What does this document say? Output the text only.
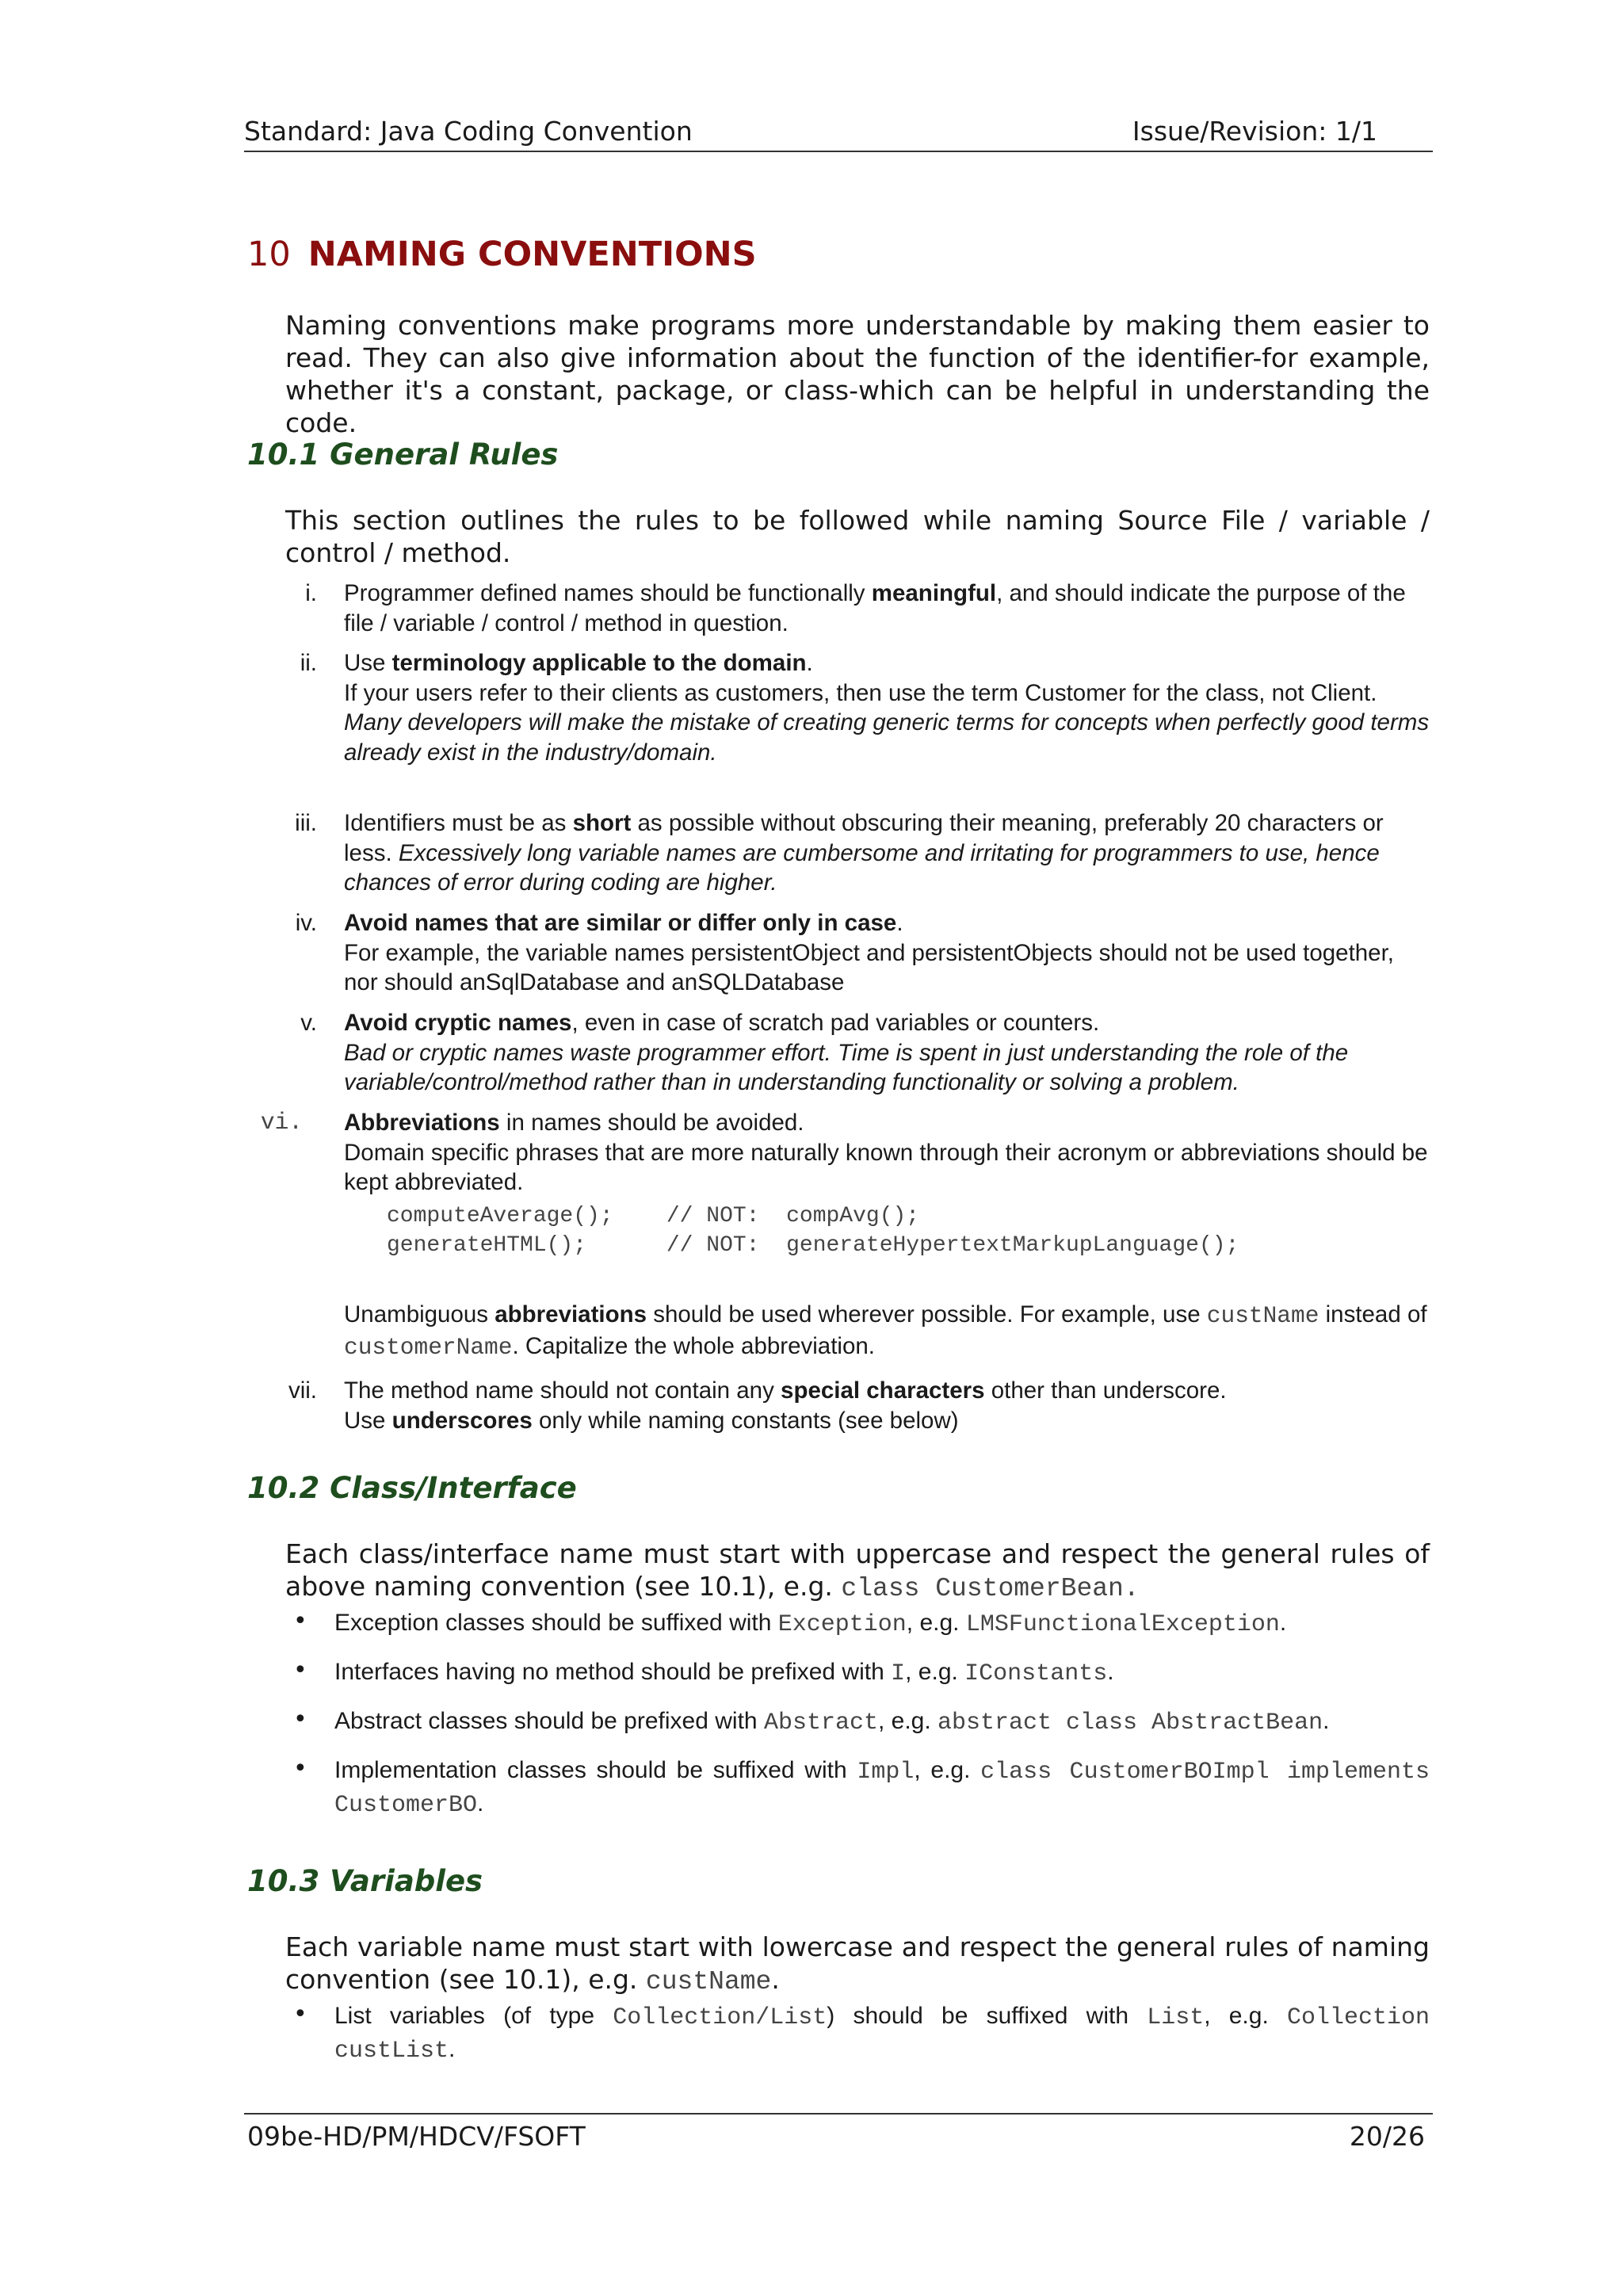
Standard: Java Coding Convention	Issue/Revision: 1/1
10 NAMING CONVENTIONS
Naming conventions make programs more understandable by making them easier to read. They can also give information about the function of the identifier-for example, whether it's a constant, package, or class-which can be helpful in understanding the code.
10.1 General Rules
This section outlines the rules to be followed while naming Source File / variable / control / method.
i. Programmer defined names should be functionally meaningful, and should indicate the purpose of the file / variable / control / method in question.
ii. Use terminology applicable to the domain.
If your users refer to their clients as customers, then use the term Customer for the class, not Client.
Many developers will make the mistake of creating generic terms for concepts when perfectly good terms already exist in the industry/domain.
iii. Identifiers must be as short as possible without obscuring their meaning, preferably 20 characters or less. Excessively long variable names are cumbersome and irritating for programmers to use, hence chances of error during coding are higher.
iv. Avoid names that are similar or differ only in case.
For example, the variable names persistentObject and persistentObjects should not be used together, nor should anSqlDatabase and anSQLDatabase
v. Avoid cryptic names, even in case of scratch pad variables or counters.
Bad or cryptic names waste programmer effort. Time is spent in just understanding the role of the variable/control/method rather than in understanding functionality or solving a problem.
vi. Abbreviations in names should be avoided.
Domain specific phrases that are more naturally known through their acronym or abbreviations should be kept abbreviated.
computeAverage();    // NOT:  compAvg();
generateHTML();      // NOT:  generateHypertextMarkupLanguage();
Unambiguous abbreviations should be used wherever possible. For example, use custName instead of customerName. Capitalize the whole abbreviation.
vii. The method name should not contain any special characters other than underscore.
Use underscores only while naming constants (see below)
10.2 Class/Interface
Each class/interface name must start with uppercase and respect the general rules of above naming convention (see 10.1), e.g. class CustomerBean.
• Exception classes should be suffixed with Exception, e.g. LMSFunctionalException.
• Interfaces having no method should be prefixed with I, e.g. IConstants.
• Abstract classes should be prefixed with Abstract, e.g. abstract class AbstractBean.
• Implementation classes should be suffixed with Impl, e.g. class CustomerBOImpl implements CustomerBO.
10.3 Variables
Each variable name must start with lowercase and respect the general rules of naming convention (see 10.1), e.g. custName.
• List variables (of type Collection/List) should be suffixed with List, e.g. Collection custList.
09be-HD/PM/HDCV/FSOFT	20/26
